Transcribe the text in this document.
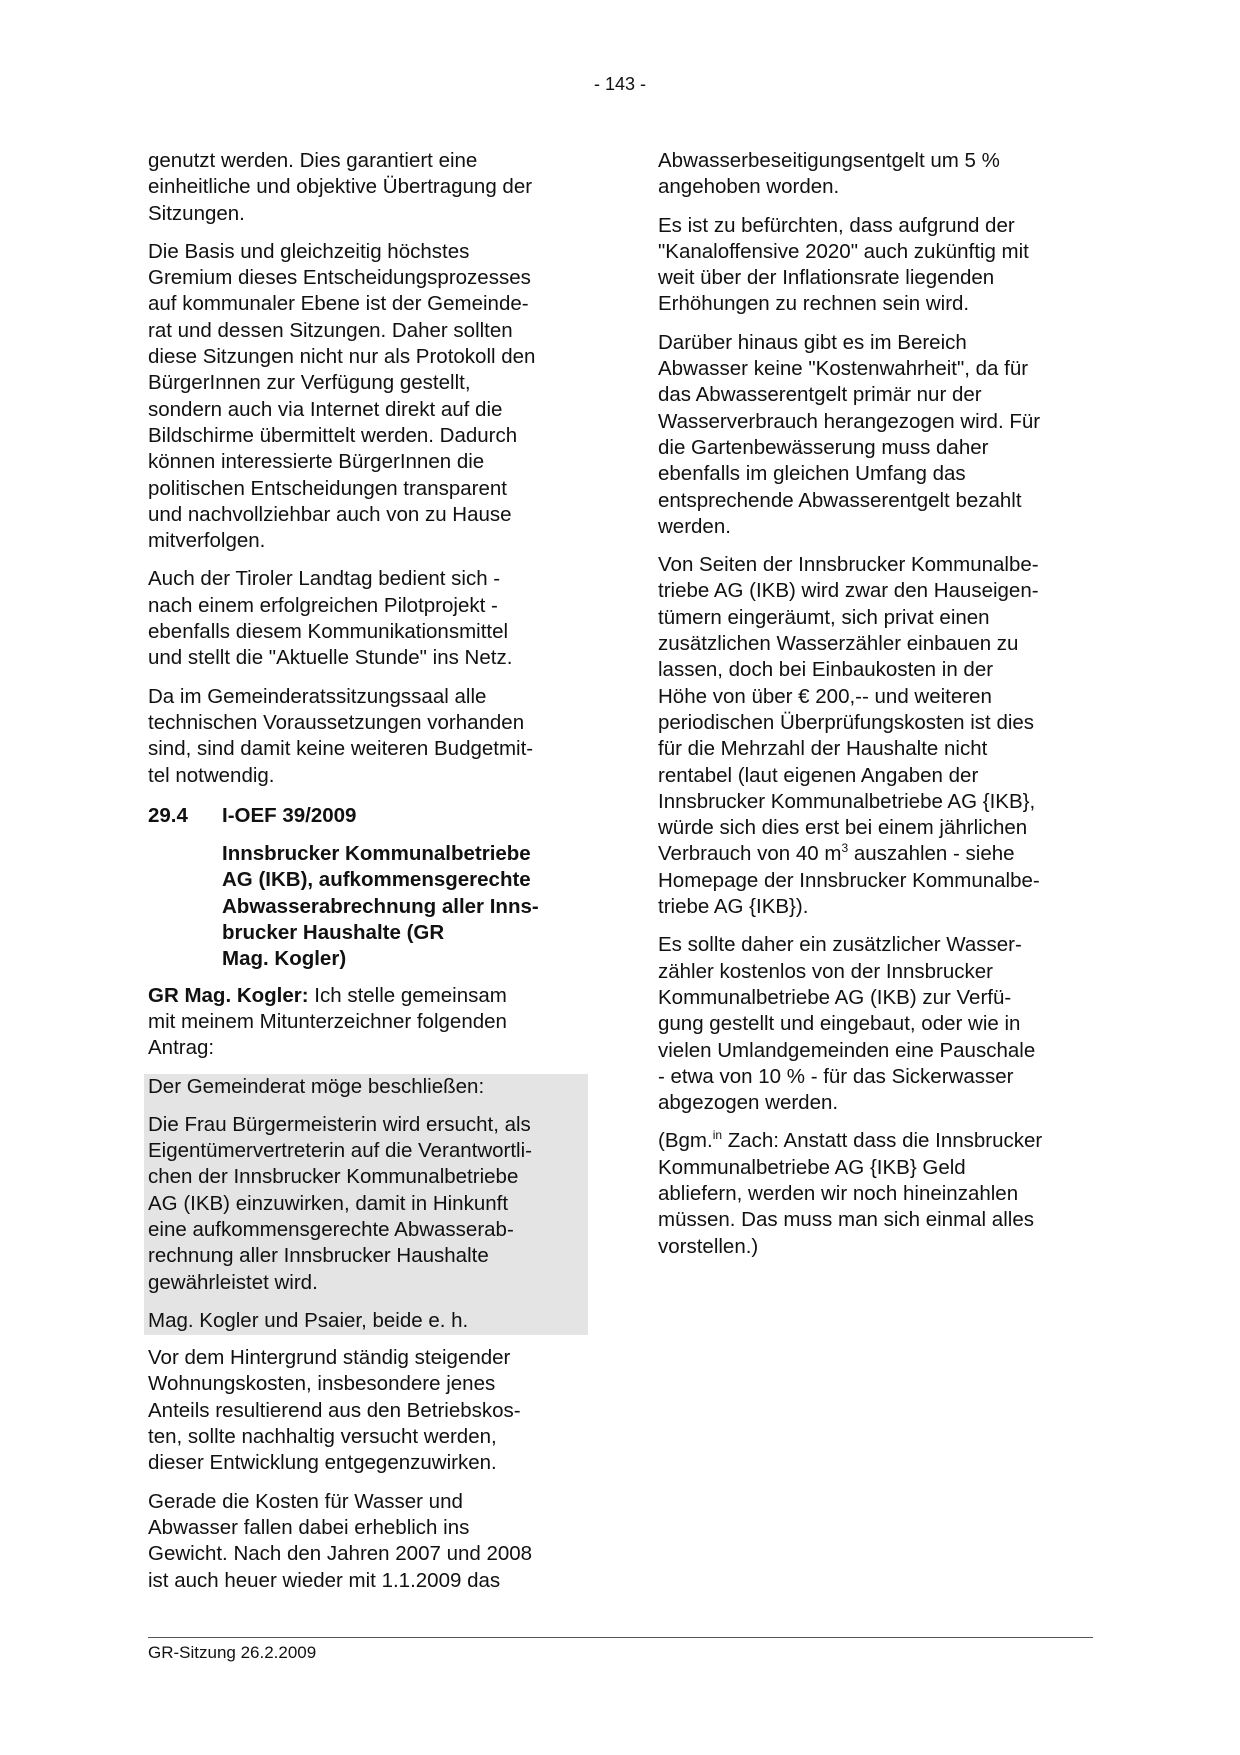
- 143 -

genutzt werden. Dies garantiert eine
einheitliche und objektive Übertragung der
Sitzungen.

Die Basis und gleichzeitig höchstes
Gremium dieses Entscheidungsprozesses
auf kommunaler Ebene ist der Gemeinde-
rat und dessen Sitzungen. Daher sollten
diese Sitzungen nicht nur als Protokoll den
BürgerInnen zur Verfügung gestellt,
sondern auch via Internet direkt auf die
Bildschirme übermittelt werden. Dadurch
können interessierte BürgerInnen die
politischen Entscheidungen transparent
und nachvollziehbar auch von zu Hause
mitverfolgen.

Auch der Tiroler Landtag bedient sich -
nach einem erfolgreichen Pilotprojekt -
ebenfalls diesem Kommunikationsmittel
und stellt die "Aktuelle Stunde" ins Netz.

Da im Gemeinderatssitzungssaal alle
technischen Voraussetzungen vorhanden
sind, sind damit keine weiteren Budgetmit-
tel notwendig.

29.4	I-OEF 39/2009
Innsbrucker Kommunalbetriebe
AG (IKB), aufkommensgerechte
Abwasserabrechnung aller Inns-
brucker Haushalte (GR
Mag. Kogler)

GR Mag. Kogler: Ich stelle gemeinsam
mit meinem Mitunterzeichner folgenden
Antrag:

Der Gemeinderat möge beschließen:

Die Frau Bürgermeisterin wird ersucht, als
Eigentümervertreterin auf die Verantwortli-
chen der Innsbrucker Kommunalbetriebe
AG (IKB) einzuwirken, damit in Hinkunft
eine aufkommensgerechte Abwasserab-
rechnung aller Innsbrucker Haushalte
gewährleistet wird.

Mag. Kogler und Psaier, beide e. h.

Vor dem Hintergrund ständig steigender
Wohnungskosten, insbesondere jenes
Anteils resultierend aus den Betriebskos-
ten, sollte nachhaltig versucht werden,
dieser Entwicklung entgegenzuwirken.

Gerade die Kosten für Wasser und
Abwasser fallen dabei erheblich ins
Gewicht. Nach den Jahren 2007 und 2008
ist auch heuer wieder mit 1.1.2009 das

Abwasserbeseitigungsentgelt um 5 %
angehoben worden.

Es ist zu befürchten, dass aufgrund der
"Kanaloffensive 2020" auch zukünftig mit
weit über der Inflationsrate liegenden
Erhöhungen zu rechnen sein wird.

Darüber hinaus gibt es im Bereich
Abwasser keine "Kostenwahrheit", da für
das Abwasserentgelt primär nur der
Wasserverbrauch herangezogen wird. Für
die Gartenbewässerung muss daher
ebenfalls im gleichen Umfang das
entsprechende Abwasserentgelt bezahlt
werden.

Von Seiten der Innsbrucker Kommunalbe-
triebe AG (IKB) wird zwar den Hauseigen-
tümern eingeräumt, sich privat einen
zusätzlichen Wasserzähler einbauen zu
lassen, doch bei Einbaukosten in der
Höhe von über € 200,-- und weiteren
periodischen Überprüfungskosten ist dies
für die Mehrzahl der Haushalte nicht
rentabel (laut eigenen Angaben der
Innsbrucker Kommunalbetriebe AG {IKB},
würde sich dies erst bei einem jährlichen
Verbrauch von 40 $m^3$ auszahlen - siehe
Homepage der Innsbrucker Kommunalbe-
triebe AG {IKB}).

Es sollte daher ein zusätzlicher Wasser-
zähler kostenlos von der Innsbrucker
Kommunalbetriebe AG (IKB) zur Verfü-
gung gestellt und eingebaut, oder wie in
vielen Umlandgemeinden eine Pauschale
- etwa von 10 % - für das Sickerwasser
abgezogen werden.

(Bgm.$^{in}$ Zach: Anstatt dass die Innsbrucker
Kommunalbetriebe AG {IKB} Geld
abliefern, werden wir noch hineinzahlen
müssen. Das muss man sich einmal alles
vorstellen.)

GR-Sitzung 26.2.2009
